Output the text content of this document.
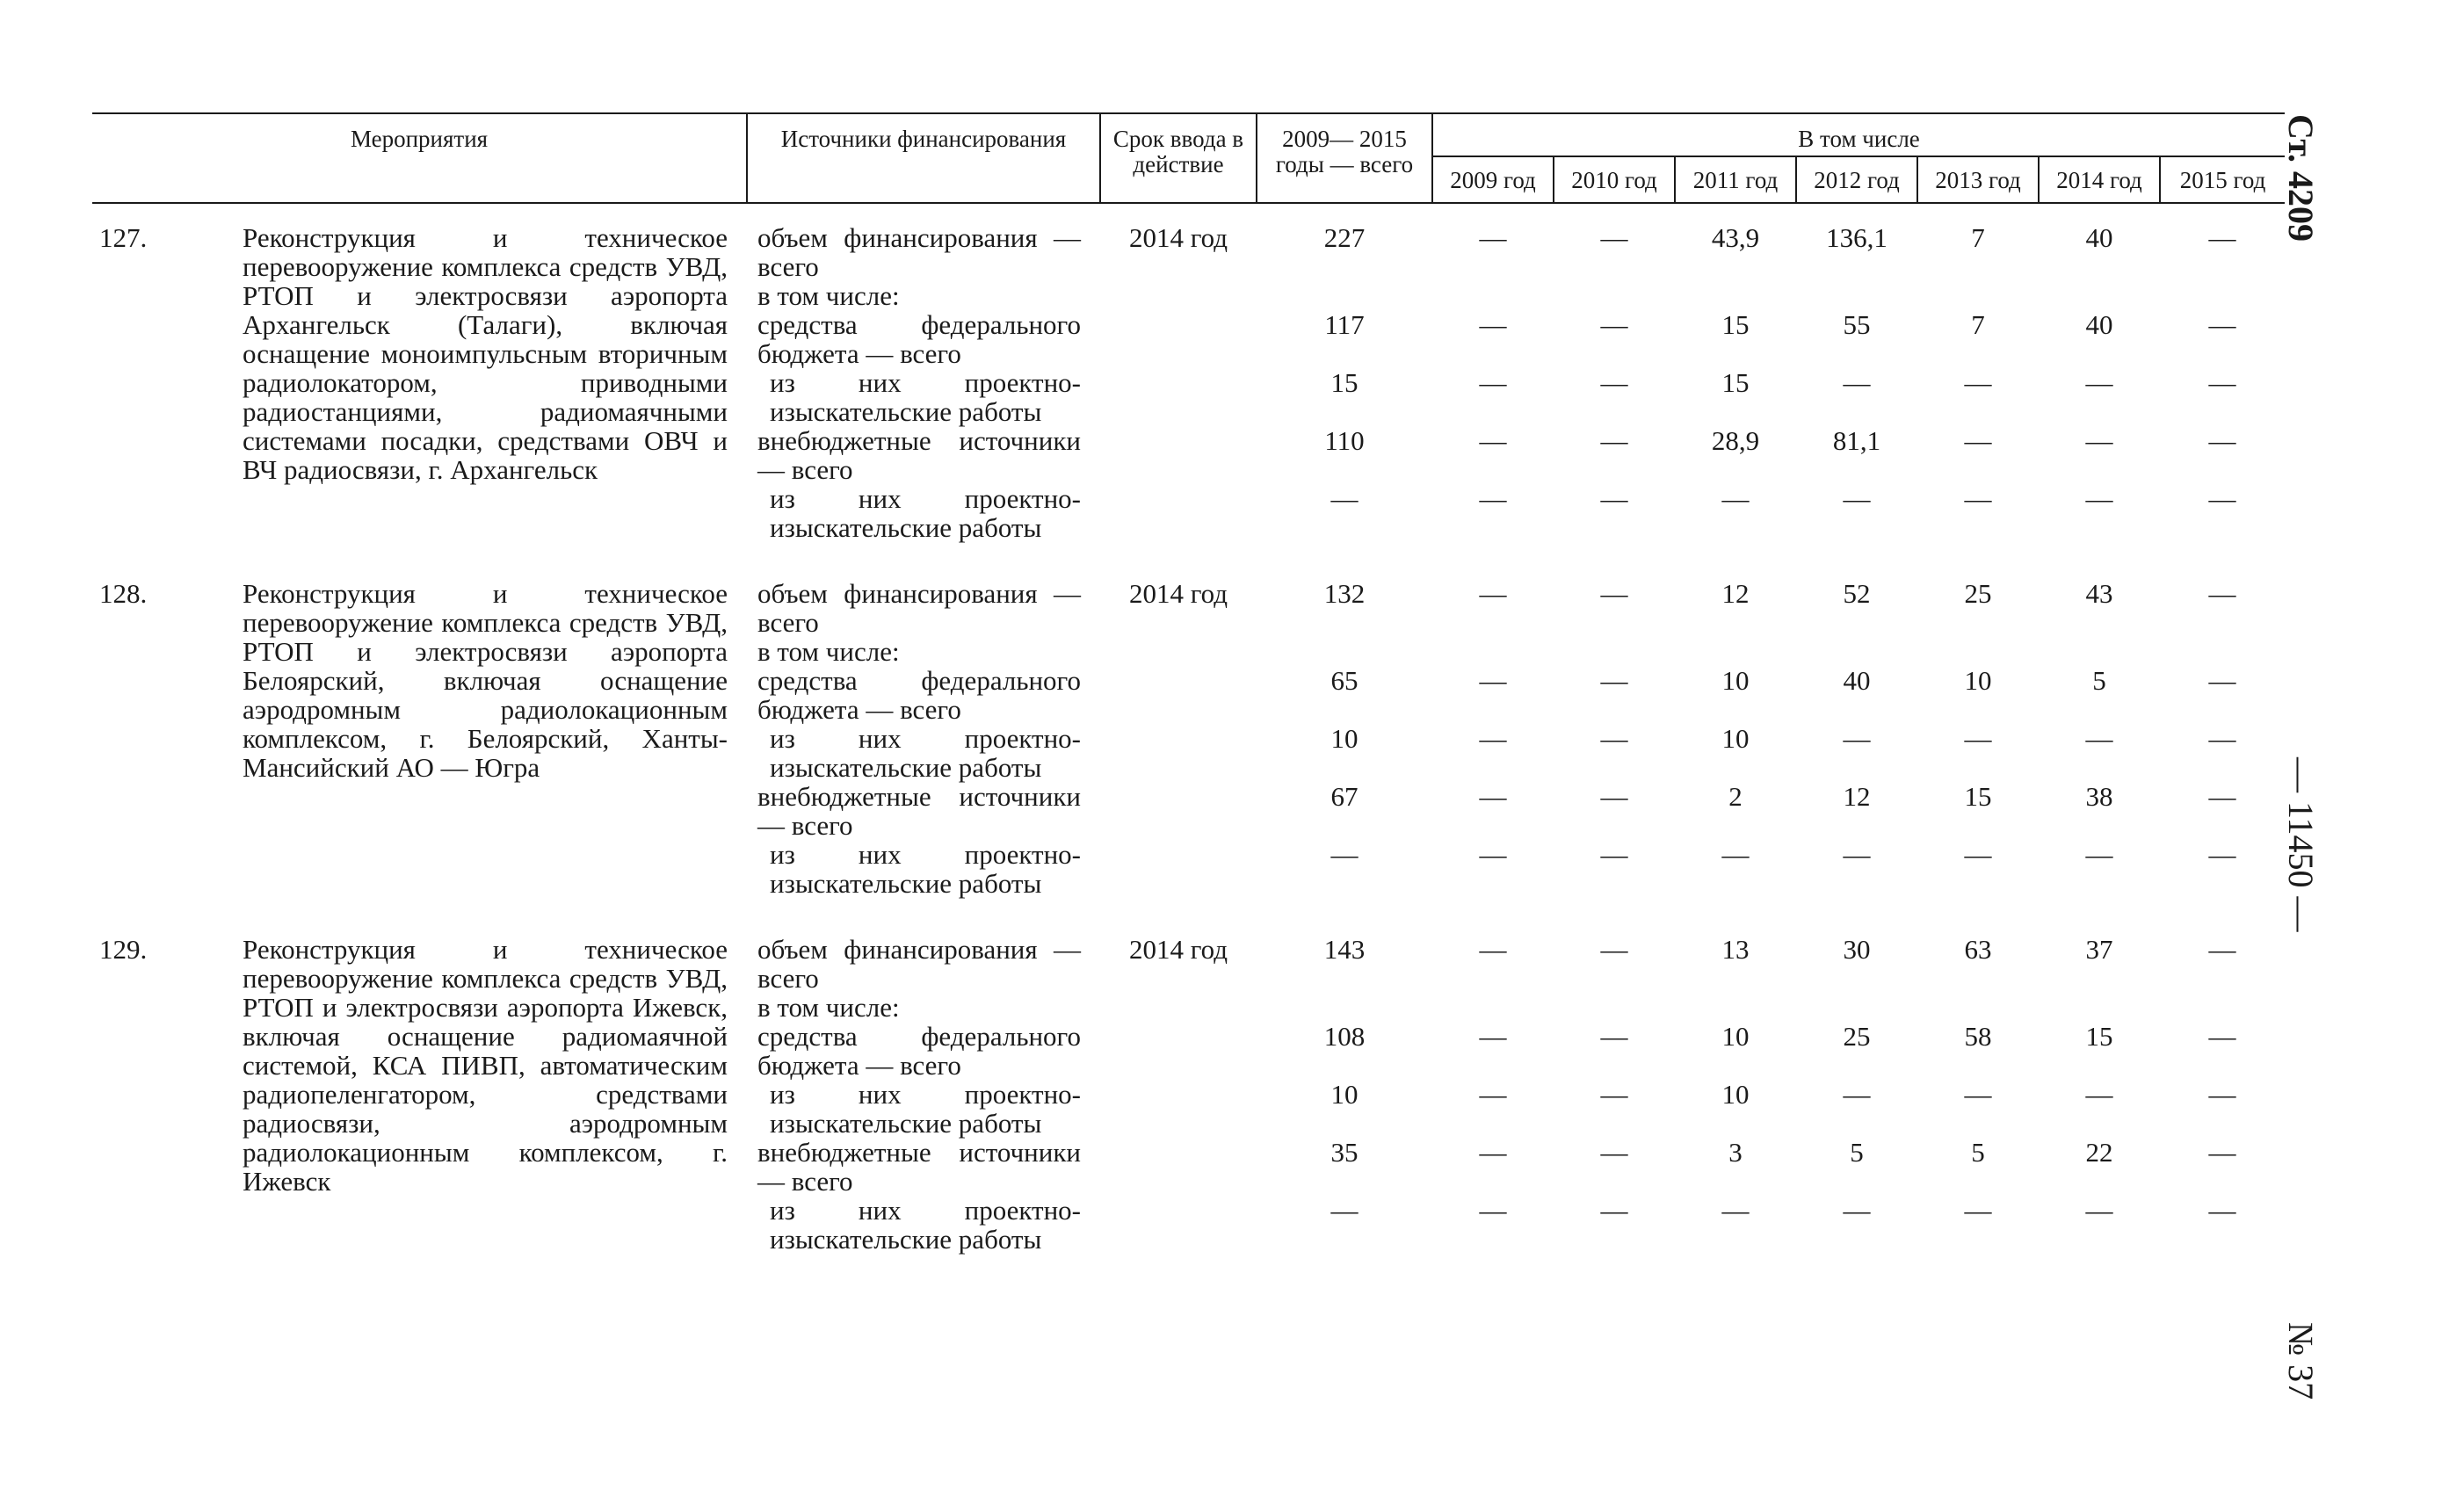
Мероприятия		Источники финансирования	Срок ввода в действие	2009— 2015 годы — всего	В том числе						
					2009 год	2010 год	2011 год	2012 год	2013 год	2014 год	2015 год
127.	Реконструкция и техническое перевооружение комплекса средств УВД, РТОП и электросвязи аэропорта Архангельск (Талаги), включая оснащение моноимпульсным вторичным радиолокатором, приводными радиостанциями, радиомаячными системами посадки, средствами ОВЧ и ВЧ радиосвязи, г. Архангельск	объем финансирования — всего	2014 год	227	—	—	43,9	136,1	7	40	—
		в том числе:									
		средства федерального бюджета — всего		117	—	—	15	55	7	40	—
		из них проектно-изыскательские работы		15	—	—	15	—	—	—	—
		внебюджетные источники — всего		110	—	—	28,9	81,1	—	—	—
		из них проектно-изыскательские работы		—	—	—	—	—	—	—	—
128.	Реконструкция и техническое перевооружение комплекса средств УВД, РТОП и электросвязи аэропорта Белоярский, включая оснащение аэродромным радиолокационным комплексом, г. Белоярский, Ханты-Мансийский АО — Югра	объем финансирования — всего	2014 год	132	—	—	12	52	25	43	—
		в том числе:									
		средства федерального бюджета — всего		65	—	—	10	40	10	5	—
		из них проектно-изыскательские работы		10	—	—	10	—	—	—	—
		внебюджетные источники — всего		67	—	—	2	12	15	38	—
		из них проектно-изыскательские работы		—	—	—	—	—	—	—	—
129.	Реконструкция и техническое перевооружение комплекса средств УВД, РТОП и электросвязи аэропорта Ижевск, включая оснащение радиомаячной системой, КСА ПИВП, автоматическим радиопеленгатором, средствами радиосвязи, аэродромным радиолокационным комплексом, г. Ижевск	объем финансирования — всего	2014 год	143	—	—	13	30	63	37	—
		в том числе:									
		средства федерального бюджета — всего		108	—	—	10	25	58	15	—
		из них проектно-изыскательские работы		10	—	—	10	—	—	—	—
		внебюджетные источники — всего		35	—	—	3	5	5	22	—
		из них проектно-изыскательские работы		—	—	—	—	—	—	—	—
Ст. 4209
— 11450 —
№ 37
